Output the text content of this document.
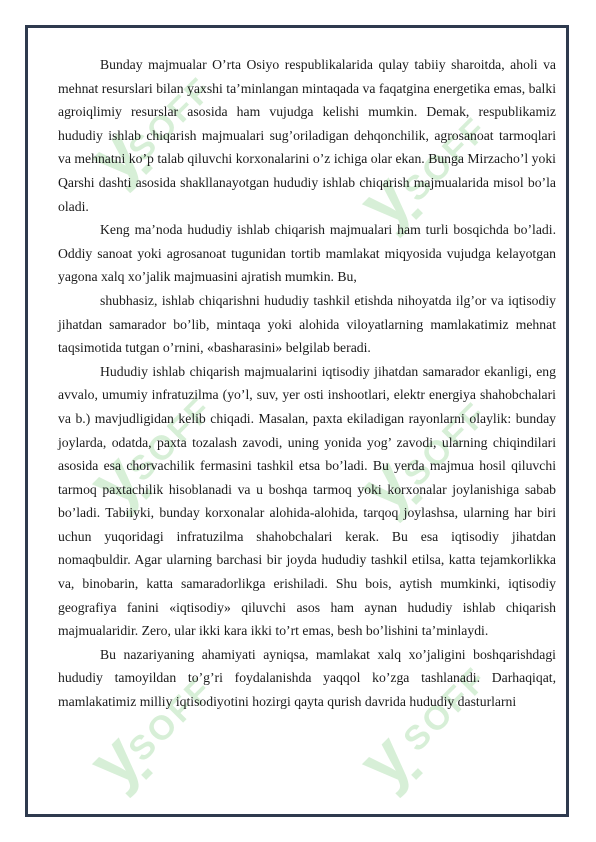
ỵ
SOFF
ỵ
SOFF
ỵ
SOFF ỵ
SOFF
ỵ
SOFF ỵ
SOFF

Bunday majmualar O’rta Osiyo respublikalarida qulay tabiiy sharoitda, aholi va mehnat resurslari bilan yaxshi ta’minlangan mintaqada va faqatgina energetika emas, balki agroiqlimiy resurslar asosida ham vujudga kelishi mumkin. Demak, respublikamiz hududiy ishlab chiqarish majmualari sug’oriladigan dehqonchilik, agrosanoat tarmoqlari va mehnatni ko’p talab qiluvchi korxonalarini o’z ichiga olar ekan. Bunga Mirzacho’l yoki Qarshi dashti asosida shakllanayotgan hududiy ishlab chiqarish majmualarida misol bo’la oladi.

Keng ma’noda hududiy ishlab chiqarish majmualari ham turli bosqichda bo’ladi. Oddiy sanoat yoki agrosanoat tugunidan tortib mamlakat miqyosida vujudga kelayotgan yagona xalq xo’jalik majmuasini ajratish mumkin. Bu,

shubhasiz, ishlab chiqarishni hududiy tashkil etishda nihoyatda ilg’or va iqtisodiy jihatdan samarador bo’lib, mintaqa yoki alohida viloyatlarning mamlakatimiz mehnat taqsimotida tutgan o’rnini, «basharasini» belgilab beradi.

Hududiy ishlab chiqarish majmualarini iqtisodiy jihatdan samarador ekanligi, eng avvalo, umumiy infratuzilma (yo’l, suv, yer osti inshootlari, elektr energiya shahobchalari va b.) mavjudligidan kelib chiqadi. Masalan, paxta ekiladigan rayonlarni olaylik: bunday joylarda, odatda, paxta tozalash zavodi, uning yonida yog’ zavodi, ularning chiqindilari asosida esa chorvachilik fermasini tashkil etsa bo’ladi. Bu yerda majmua hosil qiluvchi tarmoq paxtachilik hisoblanadi va u boshqa tarmoq yoki korxonalar joylanishiga sabab bo’ladi. Tabiiyki, bunday korxonalar alohida-alohida, tarqoq joylashsa, ularning har biri uchun yuqoridagi infratuzilma shahobchalari kerak. Bu esa iqtisodiy jihatdan nomaqbuldir. Agar ularning barchasi bir joyda hududiy tashkil etilsa, katta tejamkorlikka va, binobarin, katta samaradorlikga erishiladi. Shu bois, aytish mumkinki, iqtisodiy geografiya fanini «iqtisodiy» qiluvchi asos ham aynan hududiy ishlab chiqarish majmualaridir. Zero, ular ikki kara ikki to’rt emas, besh bo’lishini ta’minlaydi.

Bu nazariyaning ahamiyati ayniqsa, mamlakat xalq xo’jaligini boshqarishdagi hududiy tamoyildan to’g’ri foydalanishda yaqqol ko’zga tashlanadi. Darhaqiqat, mamlakatimiz milliy iqtisodiyotini hozirgi qayta qurish davrida hududiy dasturlarni
